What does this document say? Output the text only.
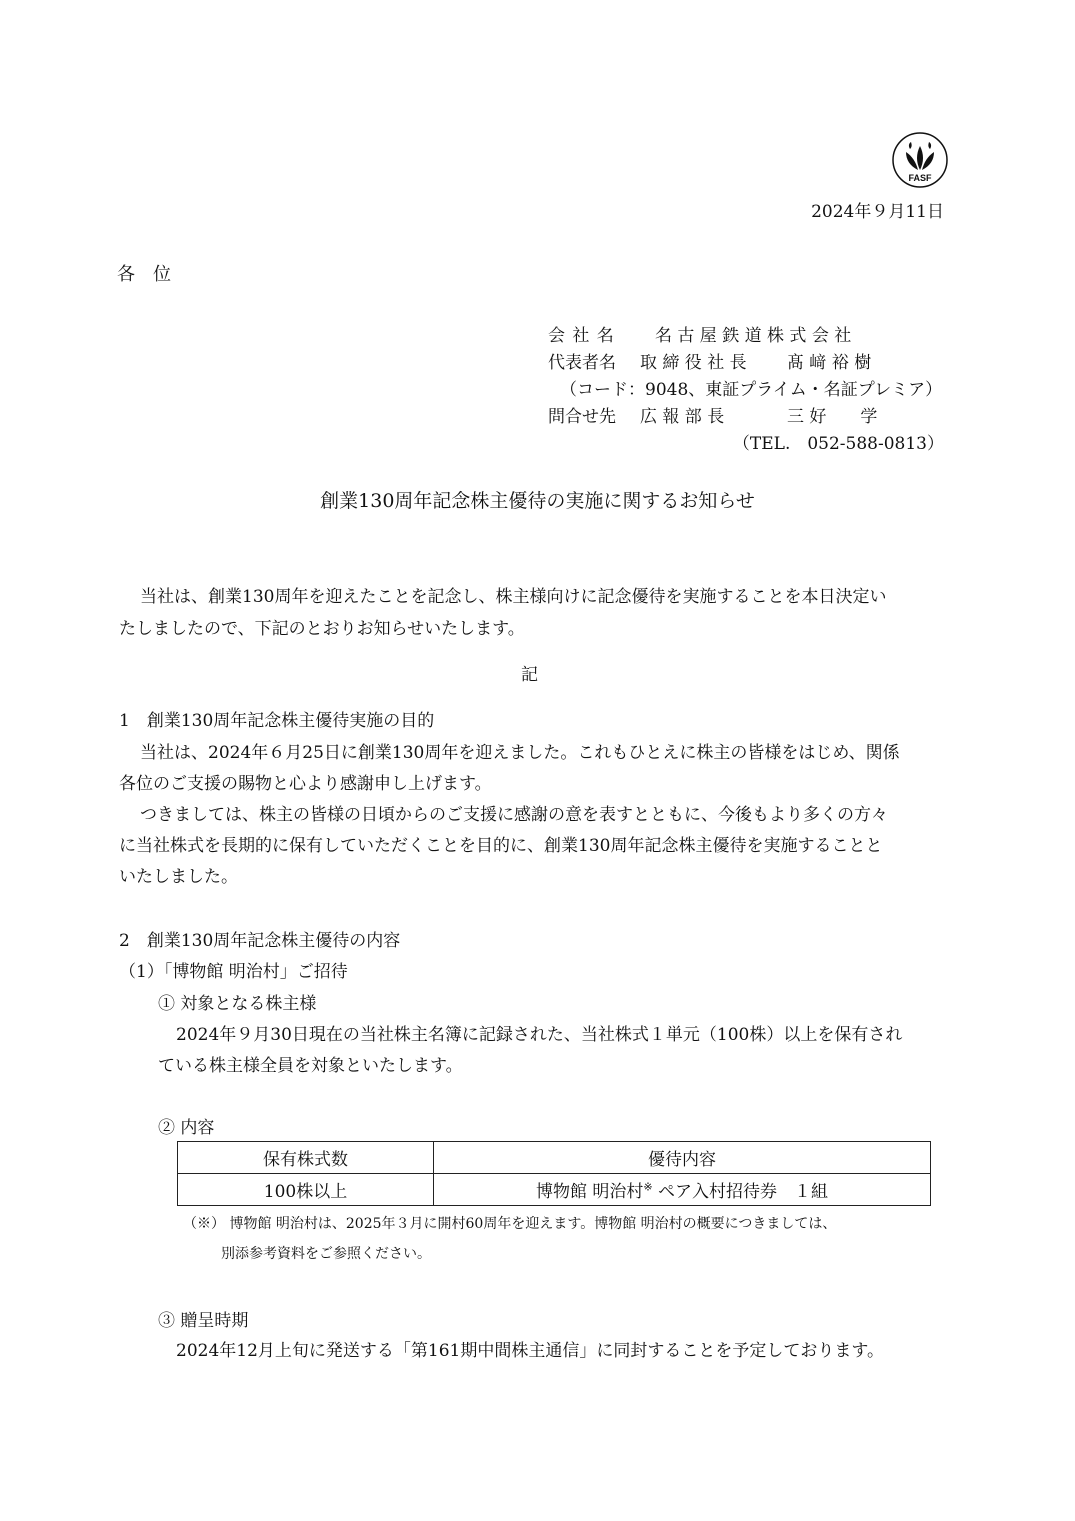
FASF
2024年９月11日
各　位
会 社 名 名 古 屋 鉄 道 株 式 会 社
代表者名 取 締 役 社 長 髙 﨑 裕 樹
（コード：9048、東証プライム・名証プレミア）
問合せ先 広 報 部 長	三 好　　学
（TEL.　052-588-0813）
創業130周年記念株主優待の実施に関するお知らせ
当社は、創業130周年を迎えたことを記念し、株主様向けに記念優待を実施することを本日決定い
たしましたので、下記のとおりお知らせいたします。
記
1　創業130周年記念株主優待実施の目的
当社は、2024年６月25日に創業130周年を迎えました。これもひとえに株主の皆様をはじめ、関係
各位のご支援の賜物と心より感謝申し上げます。
つきましては、株主の皆様の日頃からのご支援に感謝の意を表すとともに、今後もより多くの方々
に当社株式を長期的に保有していただくことを目的に、創業130周年記念株主優待を実施することと
いたしました。
2　創業130周年記念株主優待の内容
（1）「博物館 明治村」ご招待
① 対象となる株主様
2024年９月30日現在の当社株主名簿に記録された、当社株式１単元（100株）以上を保有され
ている株主様全員を対象といたします。
② 内容
保有株式数	優待内容
100株以上	博物館 明治村※ ペア入村招待券　１組
（※） 博物館 明治村は、2025年３月に開村60周年を迎えます。博物館 明治村の概要につきましては、
別添参考資料をご参照ください。
③ 贈呈時期
2024年12月上旬に発送する「第161期中間株主通信」に同封することを予定しております。
